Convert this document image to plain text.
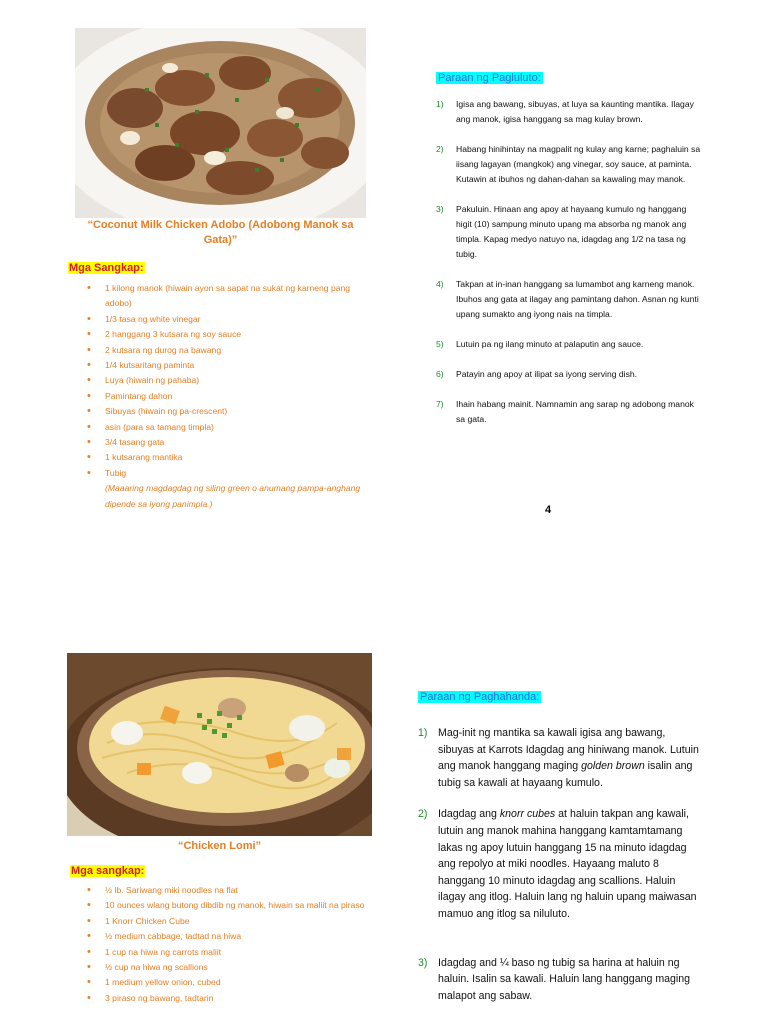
“Coconut Milk Chicken Adobo (Adobong Manok sa Gata)”
Mga Sangkap:
• 1 kilong manok (hiwain ayon sa sapat na sukat ng karneng pang adobo)
• 1/3 tasa ng white vinegar
• 2 hanggang 3 kutsara ng soy sauce
• 2 kutsara ng durog na bawang
• 1/4 kutsaritang paminta
• Luya (hiwain ng pahaba)
• Pamintang dahon
• Sibuyas (hiwain ng pa-crescent)
• asin (para sa tamang timpla)
• 3/4 tasang gata
• 1 kutsarang mantika
• Tubig
(Maaaring magdagdag ng siling green o anumang pampa-anghang dipende sa iyong panimpla.)
Paraan ng Pagluluto:
1) Igisa ang bawang, sibuyas, at luya sa kaunting mantika. Ilagay ang manok, igisa hanggang sa mag kulay brown.
2) Habang hinihintay na magpalit ng kulay ang karne; paghaluin sa iisang lagayan (mangkok) ang vinegar, soy sauce, at paminta. Kutawin at ibuhos ng dahan-dahan sa kawaling may manok.
3) Pakuluin. Hinaan ang apoy at hayaang kumulo ng hanggang higit (10) sampung minuto upang ma absorba ng manok ang timpla. Kapag medyo natuyo na, idagdag ang 1/2 na tasa ng tubig.
4) Takpan at in-inan hanggang sa lumambot ang karneng manok. Ibuhos ang gata at ilagay ang pamintang dahon. Asnan ng kunti upang sumakto ang iyong nais na timpla.
5) Lutuin pa ng ilang minuto at palaputin ang sauce.
6) Patayin ang apoy at ilipat sa iyong serving dish.
7) Ihain habang mainit. Namnamin ang sarap ng adobong manok sa gata.
4
“Chicken Lomi”
Mga sangkap:
• ½ lb. Sariwang miki noodles na flat
• 10 ounces wlang butong dibdib ng manok, hiwain sa maliit na piraso
• 1 Knorr Chicken Cube
• ½ medium cabbage, tadtad na hiwa
• 1 cup na hiwa ng carrots maliit
• ½ cup na hiwa ng scallions
• 1 medium yellow onion, cubed
• 3 piraso ng bawang, tadtarin
Paraan ng Paghahanda:
1) Mag-init ng mantika sa kawali igisa ang bawang, sibuyas at Karrots Idagdag ang hiniwang manok. Lutuin ang manok hanggang maging golden brown isalin ang tubig sa kawali at hayaang kumulo.
2) Idagdag ang knorr cubes at haluin takpan ang kawali, lutuin ang manok mahina hanggang kamtamtamang lakas ng apoy lutuin hanggang 15 na minuto idagdag ang repolyo at miki noodles. Hayaang maluto 8 hanggang 10 minuto idagdag ang scallions. Haluin ilagay ang itlog. Haluin lang ng haluin upang maiwasan mamuo ang itlog sa niluluto.
3) Idagdag and ¼ baso ng tubig sa harina at haluin ng haluin. Isalin sa kawali. Haluin lang hanggang maging malapot ang sabaw.
